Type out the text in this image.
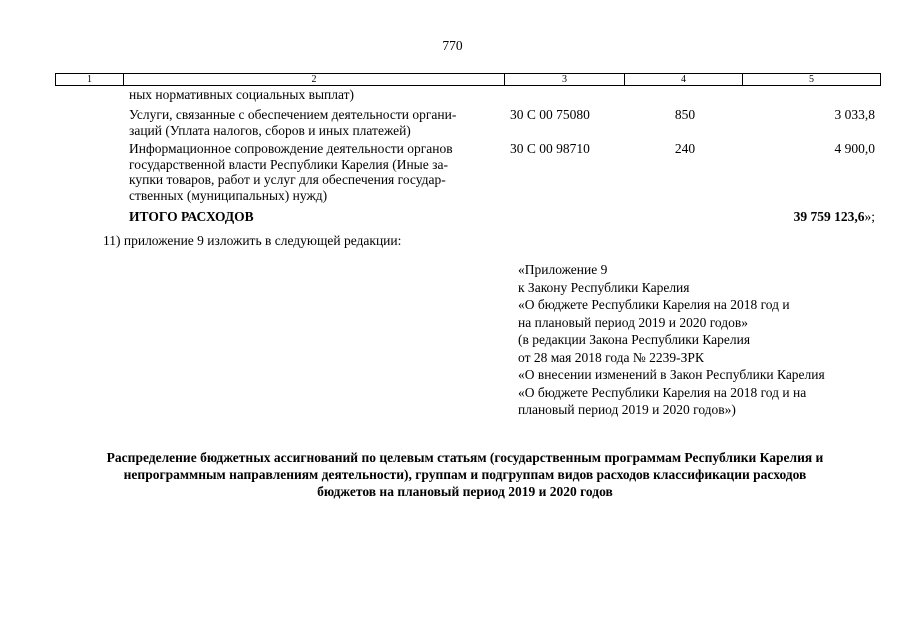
770
1	2	3	4	5
ных нормативных социальных выплат)
Услуги, связанные с обеспечением деятельности органи-
заций (Уплата налогов, сборов и иных платежей)
30 С 00 75080	850	3 033,8
Информационное сопровождение деятельности органов
государственной власти Республики Карелия (Иные за-
купки товаров, работ и услуг для обеспечения государ-
ственных (муниципальных) нужд)
30 С 00 98710	240	4 900,0
ИТОГО РАСХОДОВ	39 759 123,6»;
11) приложение 9 изложить в следующей редакции:
«Приложение 9
к Закону Республики Карелия
«О бюджете Республики Карелия на 2018 год и
на плановый период 2019 и 2020 годов»
(в редакции Закона Республики Карелия
от 28 мая 2018 года № 2239-ЗРК
«О внесении изменений в Закон Республики Карелия
«О бюджете Республики Карелия на 2018 год и на
плановый период 2019 и 2020 годов»)
Распределение бюджетных ассигнований по целевым статьям (государственным программам Республики Карелия и
непрограммным направлениям деятельности), группам и подгруппам видов расходов классификации расходов
бюджетов на плановый период 2019 и 2020 годов
